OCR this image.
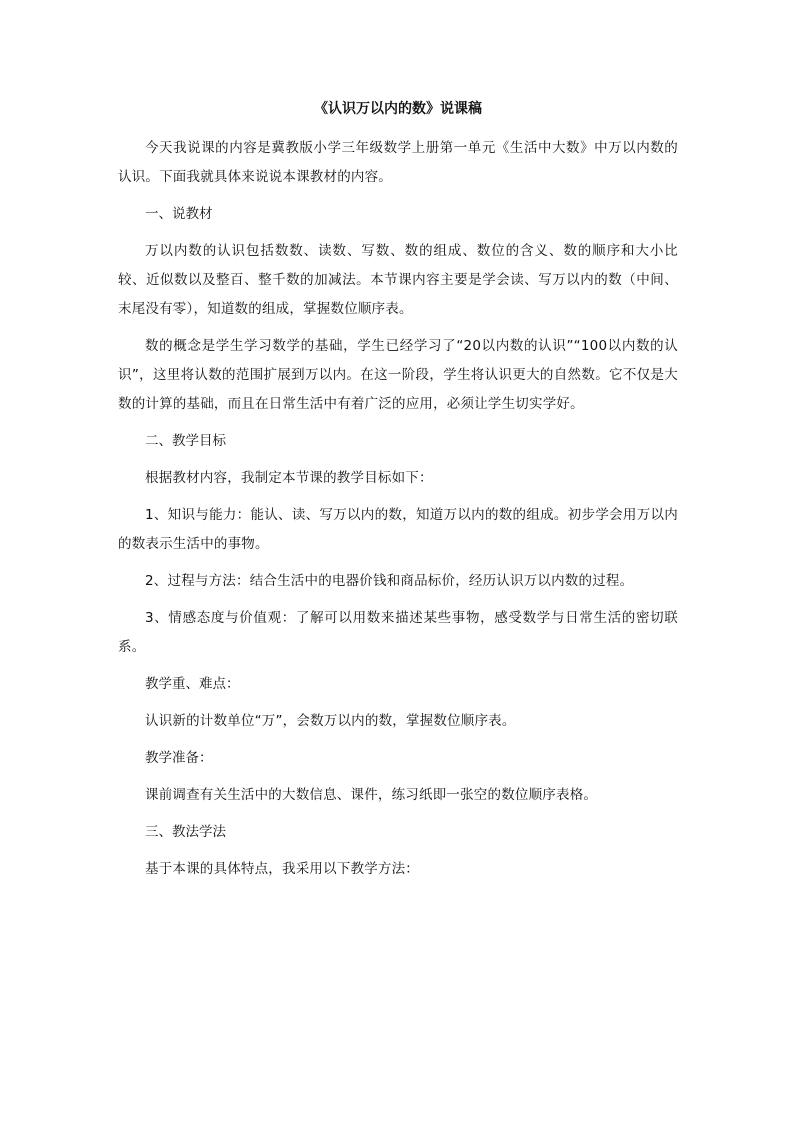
《认识万以内的数》说课稿
今天我说课的内容是冀教版小学三年级数学上册第一单元《生活中大数》中万以内数的认识。下面我就具体来说说本课教材的内容。
一、说教材
万以内数的认识包括数数、读数、写数、数的组成、数位的含义、数的顺序和大小比较、近似数以及整百、整千数的加减法。本节课内容主要是学会读、写万以内的数（中间、末尾没有零），知道数的组成，掌握数位顺序表。
数的概念是学生学习数学的基础，学生已经学习了“20以内数的认识”“100以内数的认识”，这里将认数的范围扩展到万以内。在这一阶段，学生将认识更大的自然数。它不仅是大数的计算的基础，而且在日常生活中有着广泛的应用，必须让学生切实学好。
二、教学目标
根据教材内容，我制定本节课的教学目标如下：
1、知识与能力：能认、读、写万以内的数，知道万以内的数的组成。初步学会用万以内的数表示生活中的事物。
2、过程与方法：结合生活中的电器价钱和商品标价，经历认识万以内数的过程。
3、情感态度与价值观：了解可以用数来描述某些事物，感受数学与日常生活的密切联系。
教学重、难点：
认识新的计数单位“万”，会数万以内的数，掌握数位顺序表。
教学准备：
课前调查有关生活中的大数信息、课件，练习纸即一张空的数位顺序表格。
三、教法学法
基于本课的具体特点，我采用以下教学方法：
